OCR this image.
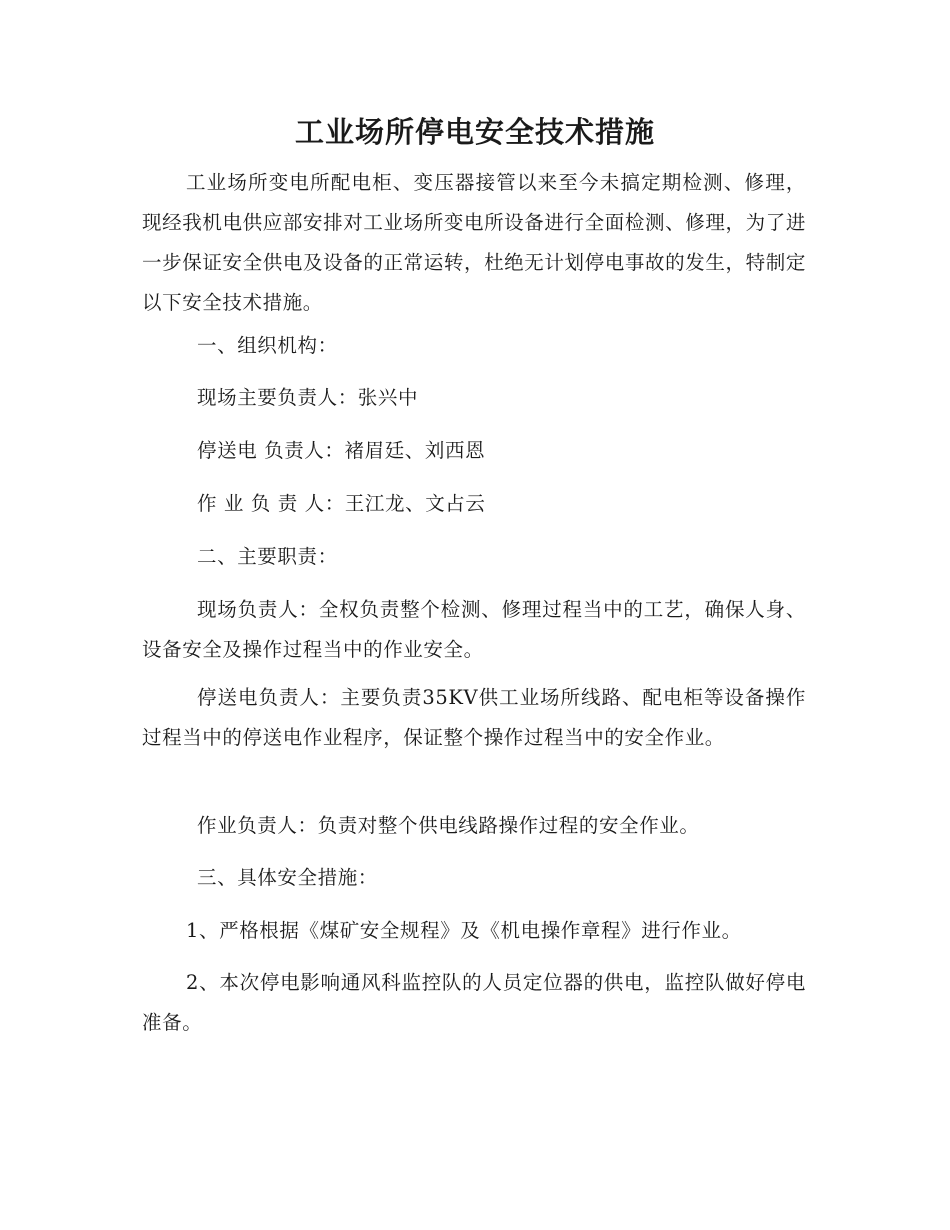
工业场所停电安全技术措施
工业场所变电所配电柜、变压器接管以来至今未搞定期检测、修理，现经我机电供应部安排对工业场所变电所设备进行全面检测、修理，为了进一步保证安全供电及设备的正常运转，杜绝无计划停电事故的发生，特制定以下安全技术措施。
一、组织机构：
现场主要负责人：张兴中
停送电 负责人：褚眉廷、刘西恩
作 业 负 责 人：王江龙、文占云
二、主要职责：
现场负责人：全权负责整个检测、修理过程当中的工艺，确保人身、设备安全及操作过程当中的作业安全。
停送电负责人：主要负责35KV供工业场所线路、配电柜等设备操作过程当中的停送电作业程序，保证整个操作过程当中的安全作业。
作业负责人：负责对整个供电线路操作过程的安全作业。
三、具体安全措施：
1、严格根据《煤矿安全规程》及《机电操作章程》进行作业。
2、本次停电影响通风科监控队的人员定位器的供电，监控队做好停电准备。
